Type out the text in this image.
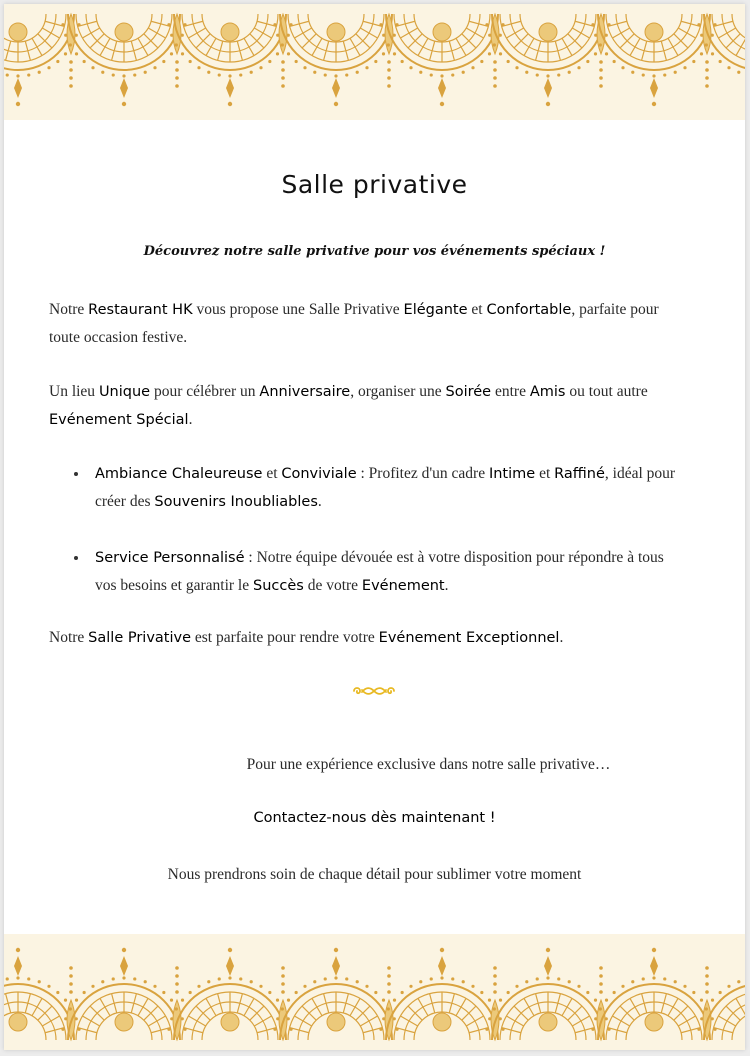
Salle privative
Découvrez notre salle privative pour vos événements spéciaux !
Notre Restaurant HK vous propose une Salle Privative Elégante et Confortable, parfaite pour toute occasion festive.
Un lieu Unique pour célébrer un Anniversaire, organiser une Soirée entre Amis ou tout autre Evénement Spécial.
Ambiance Chaleureuse et Conviviale : Profitez d'un cadre Intime et Raffiné, idéal pour créer des Souvenirs Inoubliables.
Service Personnalisé : Notre équipe dévouée est à votre disposition pour répondre à tous vos besoins et garantir le Succès de votre Evénement.
Notre Salle Privative est parfaite pour rendre votre Evénement Exceptionnel.
Pour une expérience exclusive dans notre salle privative…
Contactez-nous dès maintenant !
Nous prendrons soin de chaque détail pour sublimer votre moment
